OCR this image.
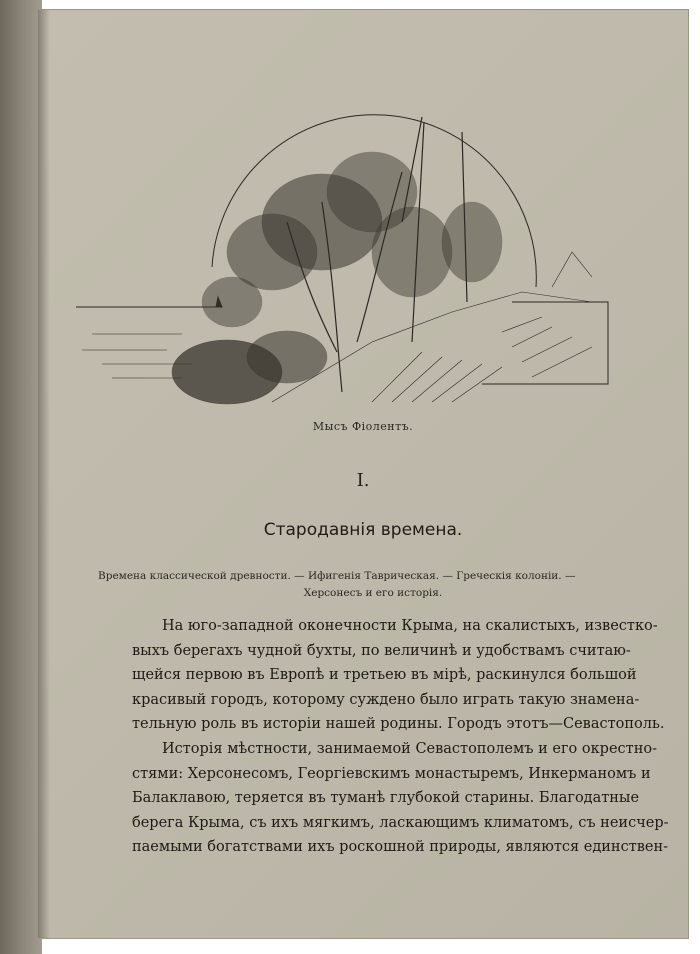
Мысъ Фіолентъ.
I.
Стародавнія времена.
Времена классической древности. — Ифигенія Таврическая. — Греческія колоніи. —
Херсонесъ и его исторія.
На юго-западной оконечности Крыма, на скалистыхъ, известко-
выхъ берегахъ чудной бухты, по величинѣ и удобствамъ считаю-
щейся первою въ Европѣ и третьею въ мірѣ, раскинулся большой
красивый городъ, которому суждено было играть такую знамена-
тельную роль въ исторіи нашей родины. Городъ этотъ—Севастополь.
Исторія мѣстности, занимаемой Севастополемъ и его окрестно-
стями: Херсонесомъ, Георгіевскимъ монастыремъ, Инкерманомъ и
Балаклавою, теряется въ туманѣ глубокой старины. Благодатные
берега Крыма, съ ихъ мягкимъ, ласкающимъ климатомъ, съ неисчер-
паемыми богатствами ихъ роскошной природы, являются единствен-
